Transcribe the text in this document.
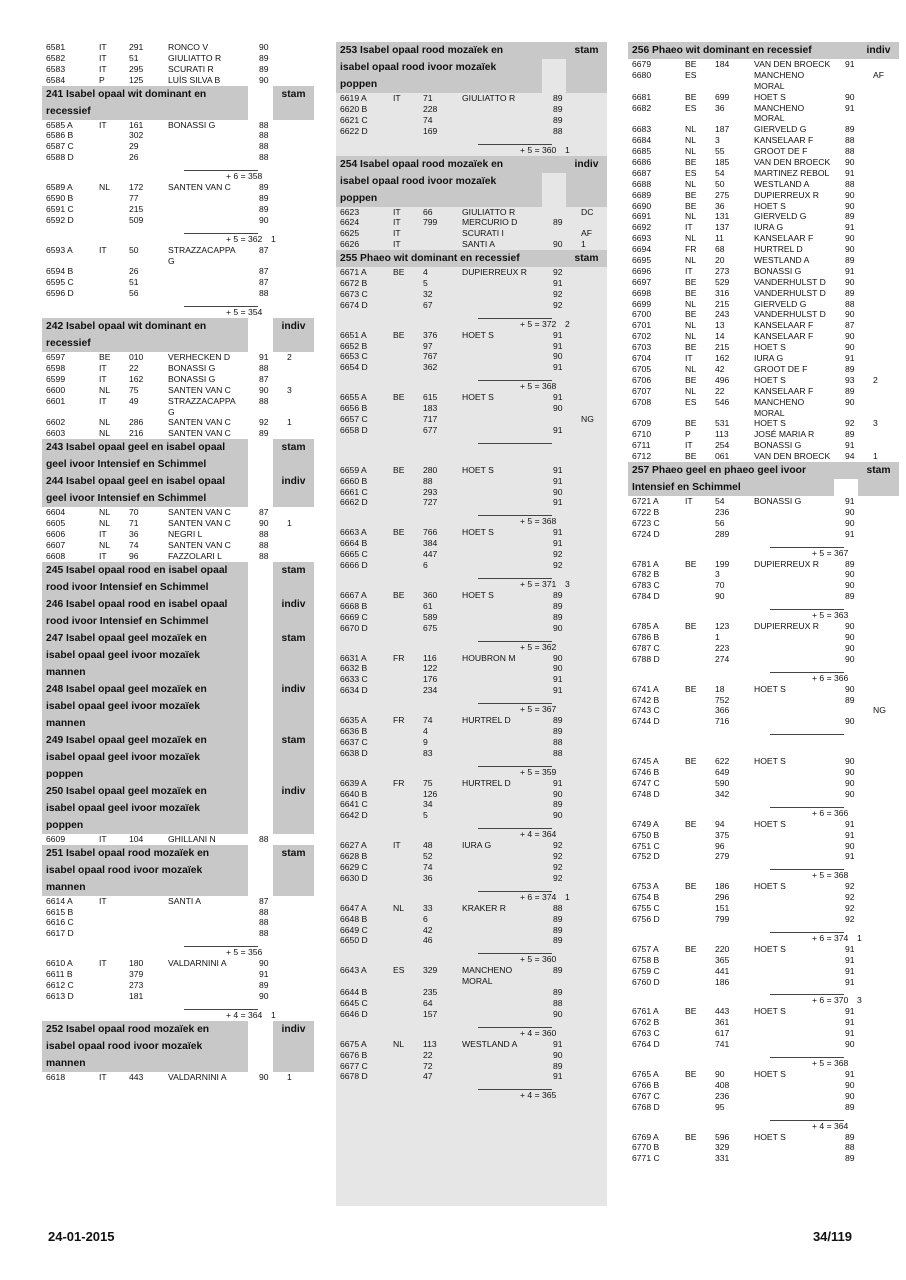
6581	IT	291	RONCO V	90
6582	IT	51	GIULIATTO R	89
6583	IT	295	SCURATI R	89
6584	P	125	LUÍS SILVA B	90
241 Isabel opaal wit dominant en	stam
recessief
6585 A	IT	161	BONASSI G	88
6586 B	302	88
6587 C	29	88
6588 D	26	88
+ 6 = 358
6589 A	NL 172	SANTEN VAN C	89
6590 B	77	89
6591 C	215	89
6592 D	509	90
+ 5 = 362 1
6593 A	IT	50	STRAZZACAPPA	87
G
6594 B	26	87
6595 C	51	87
6596 D	56	88
+ 5 = 354
242 Isabel opaal wit dominant en	indiv
recessief
6597	BE 010	VERHECKEN D	91 2
6598	IT	22	BONASSI G	88
6599	IT	162	BONASSI G	87
6600	NL 75	SANTEN VAN C	90 3
6601	IT	49	STRAZZACAPPA	88
G
6602	NL 286	SANTEN VAN C	92 1
6603	NL 216	SANTEN VAN C	89
243 Isabel opaal geel en isabel opaal	stam
geel ivoor Intensief en Schimmel
244 Isabel opaal geel en isabel opaal	indiv
geel ivoor Intensief en Schimmel
6604	NL 70	SANTEN VAN C	87
6605	NL 71	SANTEN VAN C	90 1
6606	IT	36	NEGRI L	88
6607	NL 74	SANTEN VAN C	88
6608	IT	96	FAZZOLARI L	88
245 Isabel opaal rood en isabel opaal	stam
rood ivoor Intensief en Schimmel
246 Isabel opaal rood en isabel opaal	indiv
rood ivoor Intensief en Schimmel
247 Isabel opaal geel mozaïek en	stam
isabel opaal geel ivoor mozaïek
mannen
248 Isabel opaal geel mozaïek en	indiv
isabel opaal geel ivoor mozaïek
mannen
249 Isabel opaal geel mozaïek en	stam
isabel opaal geel ivoor mozaïek
poppen
250 Isabel opaal geel mozaïek en	indiv
isabel opaal geel ivoor mozaïek
poppen
6609	IT	104	GHILLANI N	88
251 Isabel opaal rood mozaïek en	stam
isabel opaal rood ivoor mozaïek
mannen
6614 A	IT	SANTI A	87
6615 B	88
6616 C	88
6617 D	88
+ 5 = 356
6610 A	IT	180	VALDARNINI A	90
6611 B	379	91
6612 C	273	89
6613 D	181	90
+ 4 = 364 1
252 Isabel opaal rood mozaïek en	indiv
isabel opaal rood ivoor mozaïek
mannen
6618	IT	443	VALDARNINI A	90 1
253 Isabel opaal rood mozaïek en	stam
isabel opaal rood ivoor mozaïek
poppen
6619 A	IT	71	GIULIATTO R	89
6620 B	228	89
6621 C	74	89
6622 D	169	88
+ 5 = 360 1
254 Isabel opaal rood mozaïek en	indiv
isabel opaal rood ivoor mozaïek
poppen
6623	IT	66	GIULIATTO R	DC
6624	IT	799	MERCURIO D	89
6625	IT	SCURATI I	AF
6626	IT	SANTI A	90 1
255 Phaeo wit dominant en recessief	stam
6671 A	BE 4	DUPIERREUX R	92
6672 B	5	91
6673 C	32	92
6674 D	67	92
+ 5 = 372 2
6651 A	BE 376	HOET S	91
6652 B	97	91
6653 C	767	90
6654 D	362	91
+ 5 = 368
6655 A	BE 615	HOET S	91
6656 B	183	90
6657 C	717	NG
6658 D	677	91
6659 A	BE 280	HOET S	91
6660 B	88	91
6661 C	293	90
6662 D	727	91
+ 5 = 368
6663 A	BE 766	HOET S	91
6664 B	384	91
6665 C	447	92
6666 D	6	92
+ 5 = 371 3
6667 A	BE 360	HOET S	89
6668 B	61	89
6669 C	589	89
6670 D	675	90
+ 5 = 362
6631 A	FR 116	HOUBRON M	90
6632 B	122	90
6633 C	176	91
6634 D	234	91
+ 5 = 367
6635 A	FR 74	HURTREL D	89
6636 B	4	89
6637 C	9	88
6638 D	83	88
+ 5 = 359
6639 A	FR 75	HURTREL D	91
6640 B	126	90
6641 C	34	89
6642 D	5	90
+ 4 = 364
6627 A	IT	48	IURA G	92
6628 B	52	92
6629 C	74	92
6630 D	36	92
+ 6 = 374 1
6647 A	NL 33	KRAKER R	88
6648 B	6	89
6649 C	42	89
6650 D	46	89
+ 5 = 360
6643 A	ES 329	MANCHENO	89
MORAL
6644 B	235	89
6645 C	64	88
6646 D	157	90
+ 4 = 360
6675 A	NL 113	WESTLAND A	91
6676 B	22	90
6677 C	72	89
6678 D	47	91
+ 4 = 365
256 Phaeo wit dominant en recessief	indiv
6679	BE 184	VAN DEN BROECK 91
6680	ES	MANCHENO	AF
MORAL
6681	BE 699	HOET S	90
6682	ES 36	MANCHENO	91
MORAL
6683	NL 187	GIERVELD G	89
6684	NL 3	KANSELAAR F	88
6685	NL 55	GROOT DE F	88
6686	BE 185	VAN DEN BROECK 90
6687	ES 54	MARTINEZ REBOL 91
6688	NL 50	WESTLAND A	88
6689	BE 275	DUPIERREUX R	90
6690	BE 36	HOET S	90
6691	NL 131	GIERVELD G	89
6692	IT	137	IURA G	91
6693	NL 11	KANSELAAR F	90
6694	FR 68	HURTREL D	90
6695	NL 20	WESTLAND A	89
6696	IT	273	BONASSI G	91
6697	BE 529	VANDERHULST D 90
6698	BE 316	VANDERHULST D 89
6699	NL 215	GIERVELD G	88
6700	BE 243	VANDERHULST D 90
6701	NL 13	KANSELAAR F	87
6702	NL 14	KANSELAAR F	90
6703	BE 215	HOET S	90
6704	IT	162	IURA G	91
6705	NL 42	GROOT DE F	89
6706	BE 496	HOET S	93 2
6707	NL 22	KANSELAAR F	89
6708	ES 546	MANCHENO	90
MORAL
6709	BE 531	HOET S	92 3
6710	P	113	JOSÉ MARIA R	89
6711	IT	254	BONASSI G	91
6712	BE 061	VAN DEN BROECK 94 1
257 Phaeo geel en phaeo geel ivoor	stam
Intensief en Schimmel
6721 A	IT	54	BONASSI G	91
6722 B	236	90
6723 C	56	90
6724 D	289	91
+ 5 = 367
6781 A	BE 199	DUPIERREUX R	89
6782 B	3	90
6783 C	70	90
6784 D	90	89
+ 5 = 363
6785 A	BE 123	DUPIERREUX R	90
6786 B	1	90
6787 C	223	90
6788 D	274	90
+ 6 = 366
6741 A	BE 18	HOET S	90
6742 B	752	89
6743 C	366	NG
6744 D	716	90
6745 A	BE 622	HOET S	90
6746 B	649	90
6747 C	590	90
6748 D	342	90
+ 6 = 366
6749 A	BE 94	HOET S	91
6750 B	375	91
6751 C	96	90
6752 D	279	91
+ 5 = 368
6753 A	BE 186	HOET S	92
6754 B	296	92
6755 C	151	92
6756 D	799	92
+ 6 = 374 1
6757 A	BE 220	HOET S	91
6758 B	365	91
6759 C	441	91
6760 D	186	91
+ 6 = 370 3
6761 A	BE 443	HOET S	91
6762 B	361	91
6763 C	617	91
6764 D	741	90
+ 5 = 368
6765 A	BE 90	HOET S	91
6766 B	408	90
6767 C	236	90
6768 D	95	89
+ 4 = 364
6769 A	BE 596	HOET S	89
6770 B	329	88
6771 C	331	89
24-01-2015	34/119
